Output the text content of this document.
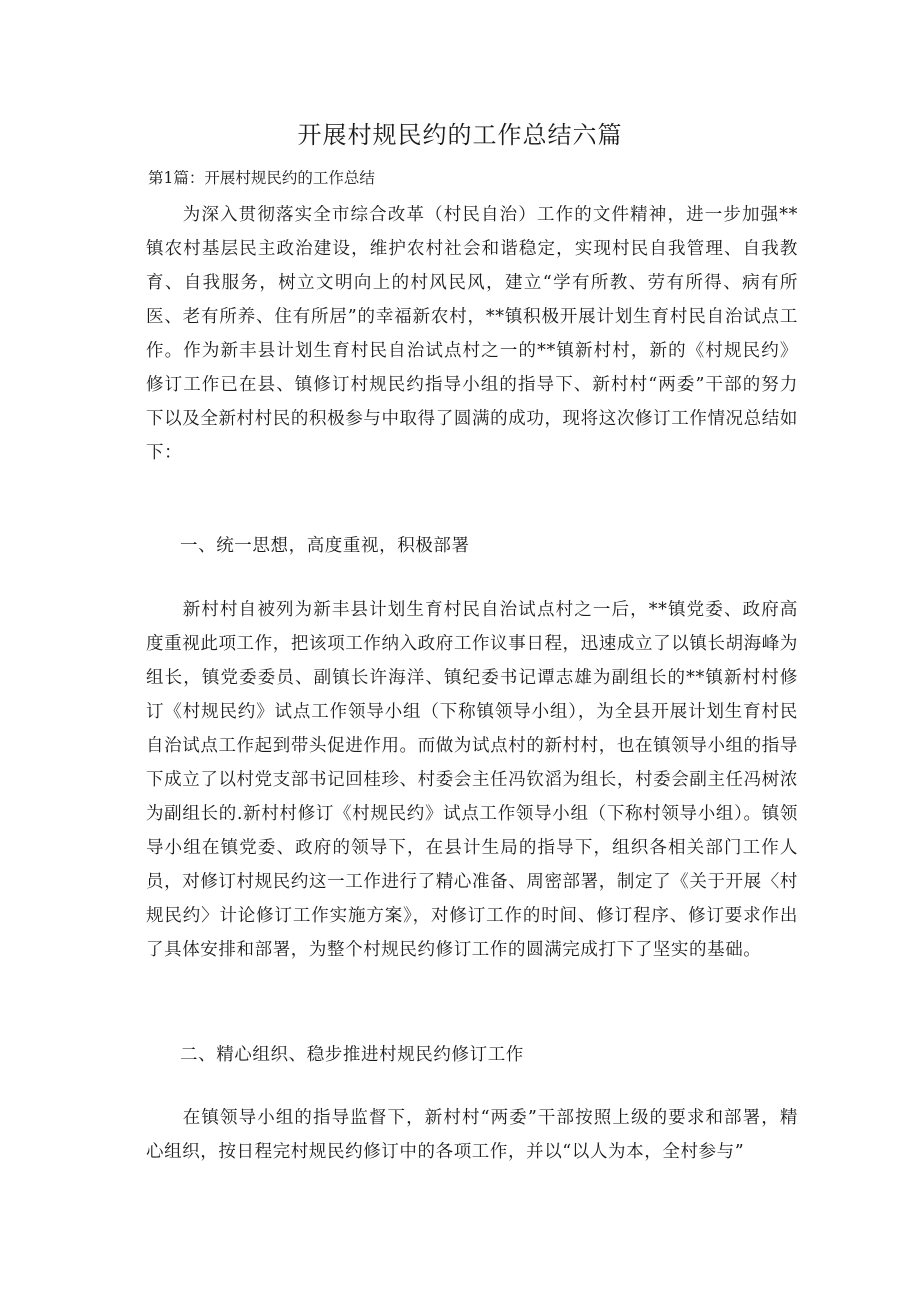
开展村规民约的工作总结六篇

第1篇：开展村规民约的工作总结

为深入贯彻落实全市综合改革（村民自治）工作的文件精神，进一步加强**镇农村基层民主政治建设，维护农村社会和谐稳定，实现村民自我管理、自我教育、自我服务，树立文明向上的村风民风，建立“学有所教、劳有所得、病有所医、老有所养、住有所居”的幸福新农村，**镇积极开展计划生育村民自治试点工作。作为新丰县计划生育村民自治试点村之一的**镇新村村，新的《村规民约》修订工作已在县、镇修订村规民约指导小组的指导下、新村村“两委”干部的努力下以及全新村村民的积极参与中取得了圆满的成功，现将这次修订工作情况总结如下：

一、统一思想，高度重视，积极部署

新村村自被列为新丰县计划生育村民自治试点村之一后，**镇党委、政府高度重视此项工作，把该项工作纳入政府工作议事日程，迅速成立了以镇长胡海峰为组长，镇党委委员、副镇长许海洋、镇纪委书记谭志雄为副组长的**镇新村村修订《村规民约》试点工作领导小组（下称镇领导小组），为全县开展计划生育村民自治试点工作起到带头促进作用。而做为试点村的新村村，也在镇领导小组的指导下成立了以村党支部书记回桂珍、村委会主任冯钦滔为组长，村委会副主任冯树浓为副组长的.新村村修订《村规民约》试点工作领导小组（下称村领导小组）。镇领导小组在镇党委、政府的领导下，在县计生局的指导下，组织各相关部门工作人员，对修订村规民约这一工作进行了精心准备、周密部署，制定了《关于开展〈村规民约〉计论修订工作实施方案》，对修订工作的时间、修订程序、修订要求作出了具体安排和部署，为整个村规民约修订工作的圆满完成打下了坚实的基础。

二、精心组织、稳步推进村规民约修订工作

在镇领导小组的指导监督下，新村村“两委”干部按照上级的要求和部署，精心组织，按日程完村规民约修订中的各项工作，并以“以人为本，全村参与”
